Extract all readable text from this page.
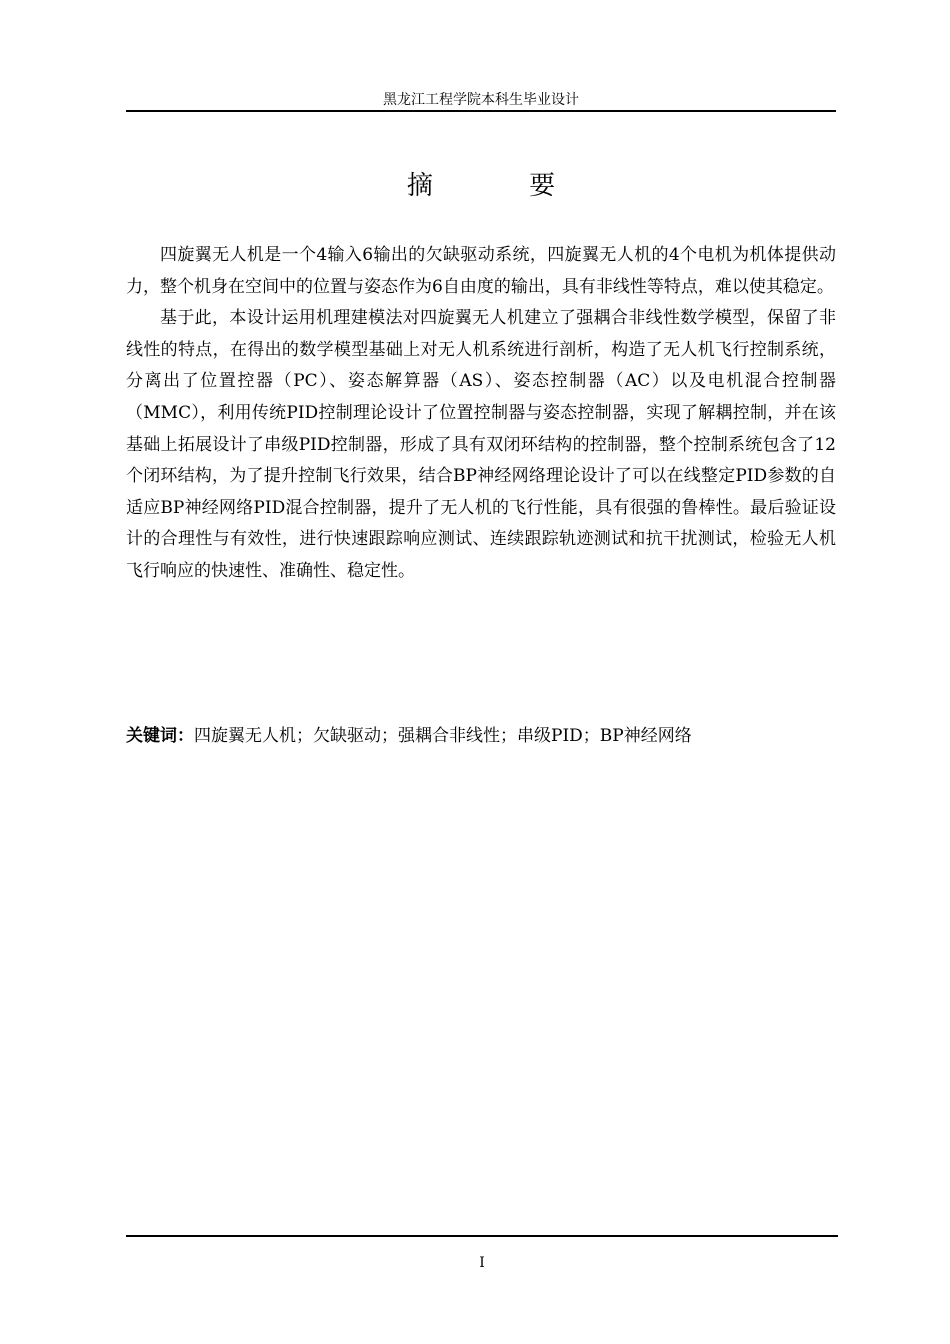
黑龙江工程学院本科生毕业设计
摘 要

四旋翼无人机是一个4输入6输出的欠缺驱动系统，四旋翼无人机的4个电机为机体提供动力，整个机身在空间中的位置与姿态作为6自由度的输出，具有非线性等特点，难以使其稳定。

基于此，本设计运用机理建模法对四旋翼无人机建立了强耦合非线性数学模型，保留了非线性的特点，在得出的数学模型基础上对无人机系统进行剖析，构造了无人机飞行控制系统，分离出了位置控器（PC）、姿态解算器（AS）、姿态控制器（AC）以及电机混合控制器（MMC），利用传统PID控制理论设计了位置控制器与姿态控制器，实现了解耦控制，并在该基础上拓展设计了串级PID控制器，形成了具有双闭环结构的控制器，整个控制系统包含了12个闭环结构，为了提升控制飞行效果，结合BP神经网络理论设计了可以在线整定PID参数的自适应BP神经网络PID混合控制器，提升了无人机的飞行性能，具有很强的鲁棒性。最后验证设计的合理性与有效性，进行快速跟踪响应测试、连续跟踪轨迹测试和抗干扰测试，检验无人机飞行响应的快速性、准确性、稳定性。

关键词：四旋翼无人机；欠缺驱动；强耦合非线性；串级PID；BP神经网络
I
